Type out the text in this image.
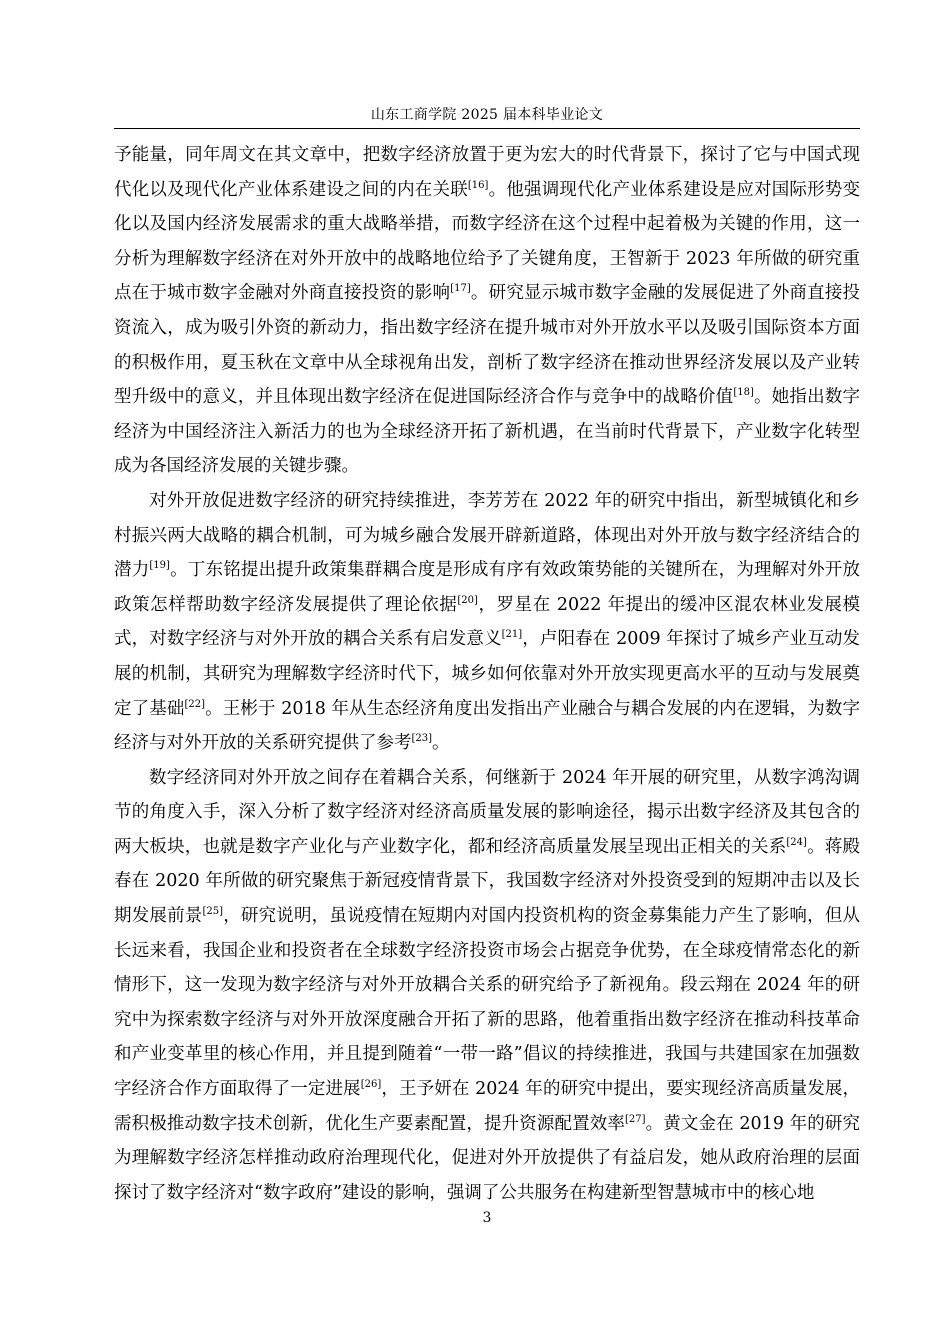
山东工商学院 2025 届本科毕业论文

予能量，同年周文在其文章中，把数字经济放置于更为宏大的时代背景下，探讨了它与中国式现代化以及现代化产业体系建设之间的内在关联[16]。他强调现代化产业体系建设是应对国际形势变化以及国内经济发展需求的重大战略举措，而数字经济在这个过程中起着极为关键的作用，这一分析为理解数字经济在对外开放中的战略地位给予了关键角度，王智新于 2023 年所做的研究重点在于城市数字金融对外商直接投资的影响[17]。研究显示城市数字金融的发展促进了外商直接投资流入，成为吸引外资的新动力，指出数字经济在提升城市对外开放水平以及吸引国际资本方面的积极作用，夏玉秋在文章中从全球视角出发，剖析了数字经济在推动世界经济发展以及产业转型升级中的意义，并且体现出数字经济在促进国际经济合作与竞争中的战略价值[18]。她指出数字经济为中国经济注入新活力的也为全球经济开拓了新机遇，在当前时代背景下，产业数字化转型成为各国经济发展的关键步骤。

对外开放促进数字经济的研究持续推进，李芳芳在 2022 年的研究中指出，新型城镇化和乡村振兴两大战略的耦合机制，可为城乡融合发展开辟新道路，体现出对外开放与数字经济结合的潜力[19]。丁东铭提出提升政策集群耦合度是形成有序有效政策势能的关键所在，为理解对外开放政策怎样帮助数字经济发展提供了理论依据[20]，罗星在 2022 年提出的缓冲区混农林业发展模式，对数字经济与对外开放的耦合关系有启发意义[21]，卢阳春在 2009 年探讨了城乡产业互动发展的机制，其研究为理解数字经济时代下，城乡如何依靠对外开放实现更高水平的互动与发展奠定了基础[22]。王彬于 2018 年从生态经济角度出发指出产业融合与耦合发展的内在逻辑，为数字经济与对外开放的关系研究提供了参考[23]。

数字经济同对外开放之间存在着耦合关系，何继新于 2024 年开展的研究里，从数字鸿沟调节的角度入手，深入分析了数字经济对经济高质量发展的影响途径，揭示出数字经济及其包含的两大板块，也就是数字产业化与产业数字化，都和经济高质量发展呈现出正相关的关系[24]。蒋殿春在 2020 年所做的研究聚焦于新冠疫情背景下，我国数字经济对外投资受到的短期冲击以及长期发展前景[25]，研究说明，虽说疫情在短期内对国内投资机构的资金募集能力产生了影响，但从长远来看，我国企业和投资者在全球数字经济投资市场会占据竞争优势，在全球疫情常态化的新情形下，这一发现为数字经济与对外开放耦合关系的研究给予了新视角。段云翔在 2024 年的研究中为探索数字经济与对外开放深度融合开拓了新的思路，他着重指出数字经济在推动科技革命和产业变革里的核心作用，并且提到随着“一带一路”倡议的持续推进，我国与共建国家在加强数字经济合作方面取得了一定进展[26]，王予妍在 2024 年的研究中提出，要实现经济高质量发展，需积极推动数字技术创新，优化生产要素配置，提升资源配置效率[27]。黄文金在 2019 年的研究为理解数字经济怎样推动政府治理现代化，促进对外开放提供了有益启发，她从政府治理的层面探讨了数字经济对“数字政府”建设的影响，强调了公共服务在构建新型智慧城市中的核心地

3
